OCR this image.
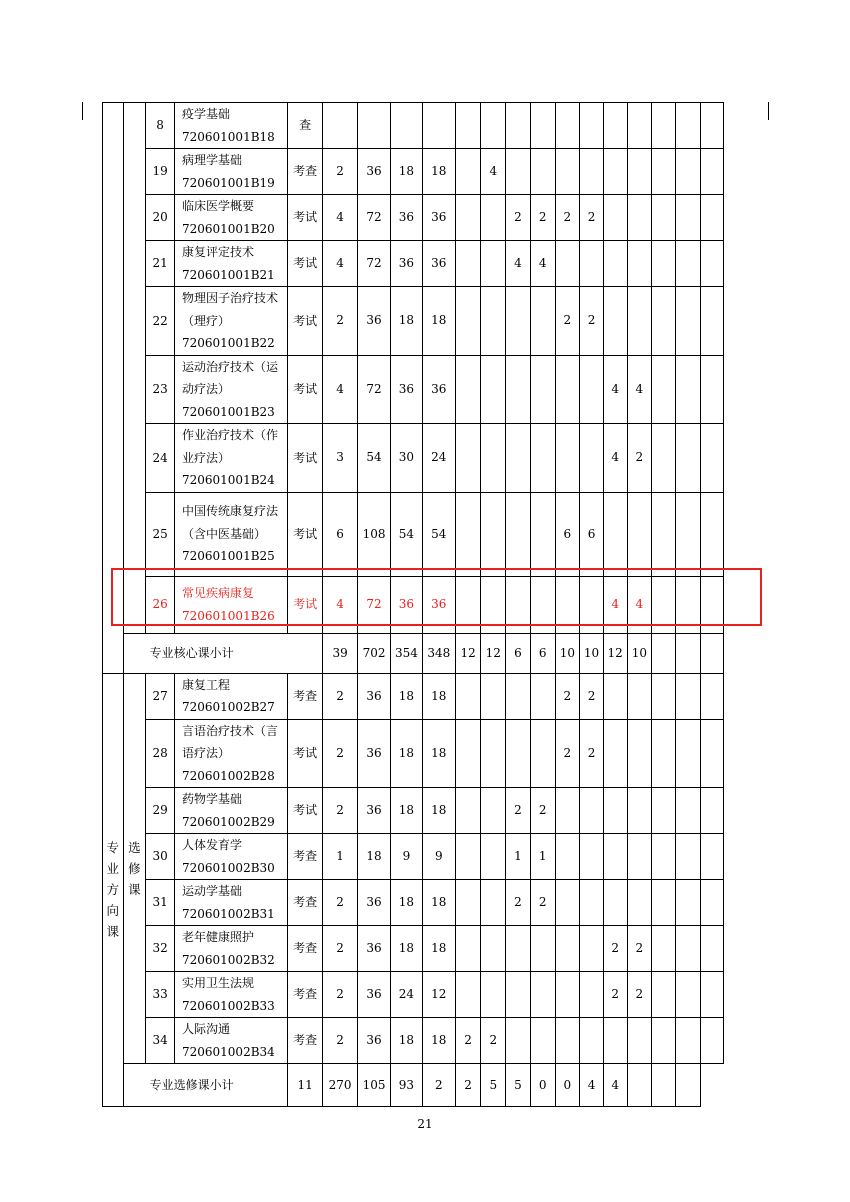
		8	疫学基础
720601001B18	查															
		19	病理学基础
720601001B19	考查	2	36	18	18		4									
		20	临床医学概要
720601001B20	考试	4	72	36	36			2	2	2	2					
		21	康复评定技术
720601001B21	考试	4	72	36	36			4	4							
		22	物理因子治疗技术（理疗）
720601001B22	考试	2	36	18	18					2	2					
		23	运动治疗技术（运动疗法）
720601001B23	考试	4	72	36	36							4	4			
		24	作业治疗技术（作业疗法）
720601001B24	考试	3	54	30	24							4	2			
		25	中国传统康复疗法（含中医基础）
720601001B25	考试	6	108	54	54					6	6					
		26	常见疾病康复
720601001B26	考试	4	72	36	36							4	4			
	专业核心课小计				39	702	354	348	12	12	6	6	10	10	12	10			
专
业
方
向
课	选
修
课	27	康复工程
720601002B27	考查	2	36	18	18					2	2					
		28	言语治疗技术（言语疗法）
720601002B28	考试	2	36	18	18					2	2					
		29	药物学基础
720601002B29	考试	2	36	18	18			2	2							
		30	人体发育学
720601002B30	考查	1	18	9	9			1	1							
		31	运动学基础
720601002B31	考查	2	36	18	18			2	2							
		32	老年健康照护
720601002B32	考查	2	36	18	18							2	2			
		33	实用卫生法规
720601002B33	考查	2	36	24	12							2	2			
		34	人际沟通
720601002B34	考查	2	36	18	18	2	2									
	专业选修课小计			11	270	105	93	2	2	5	5	0	0	4	4				
21
